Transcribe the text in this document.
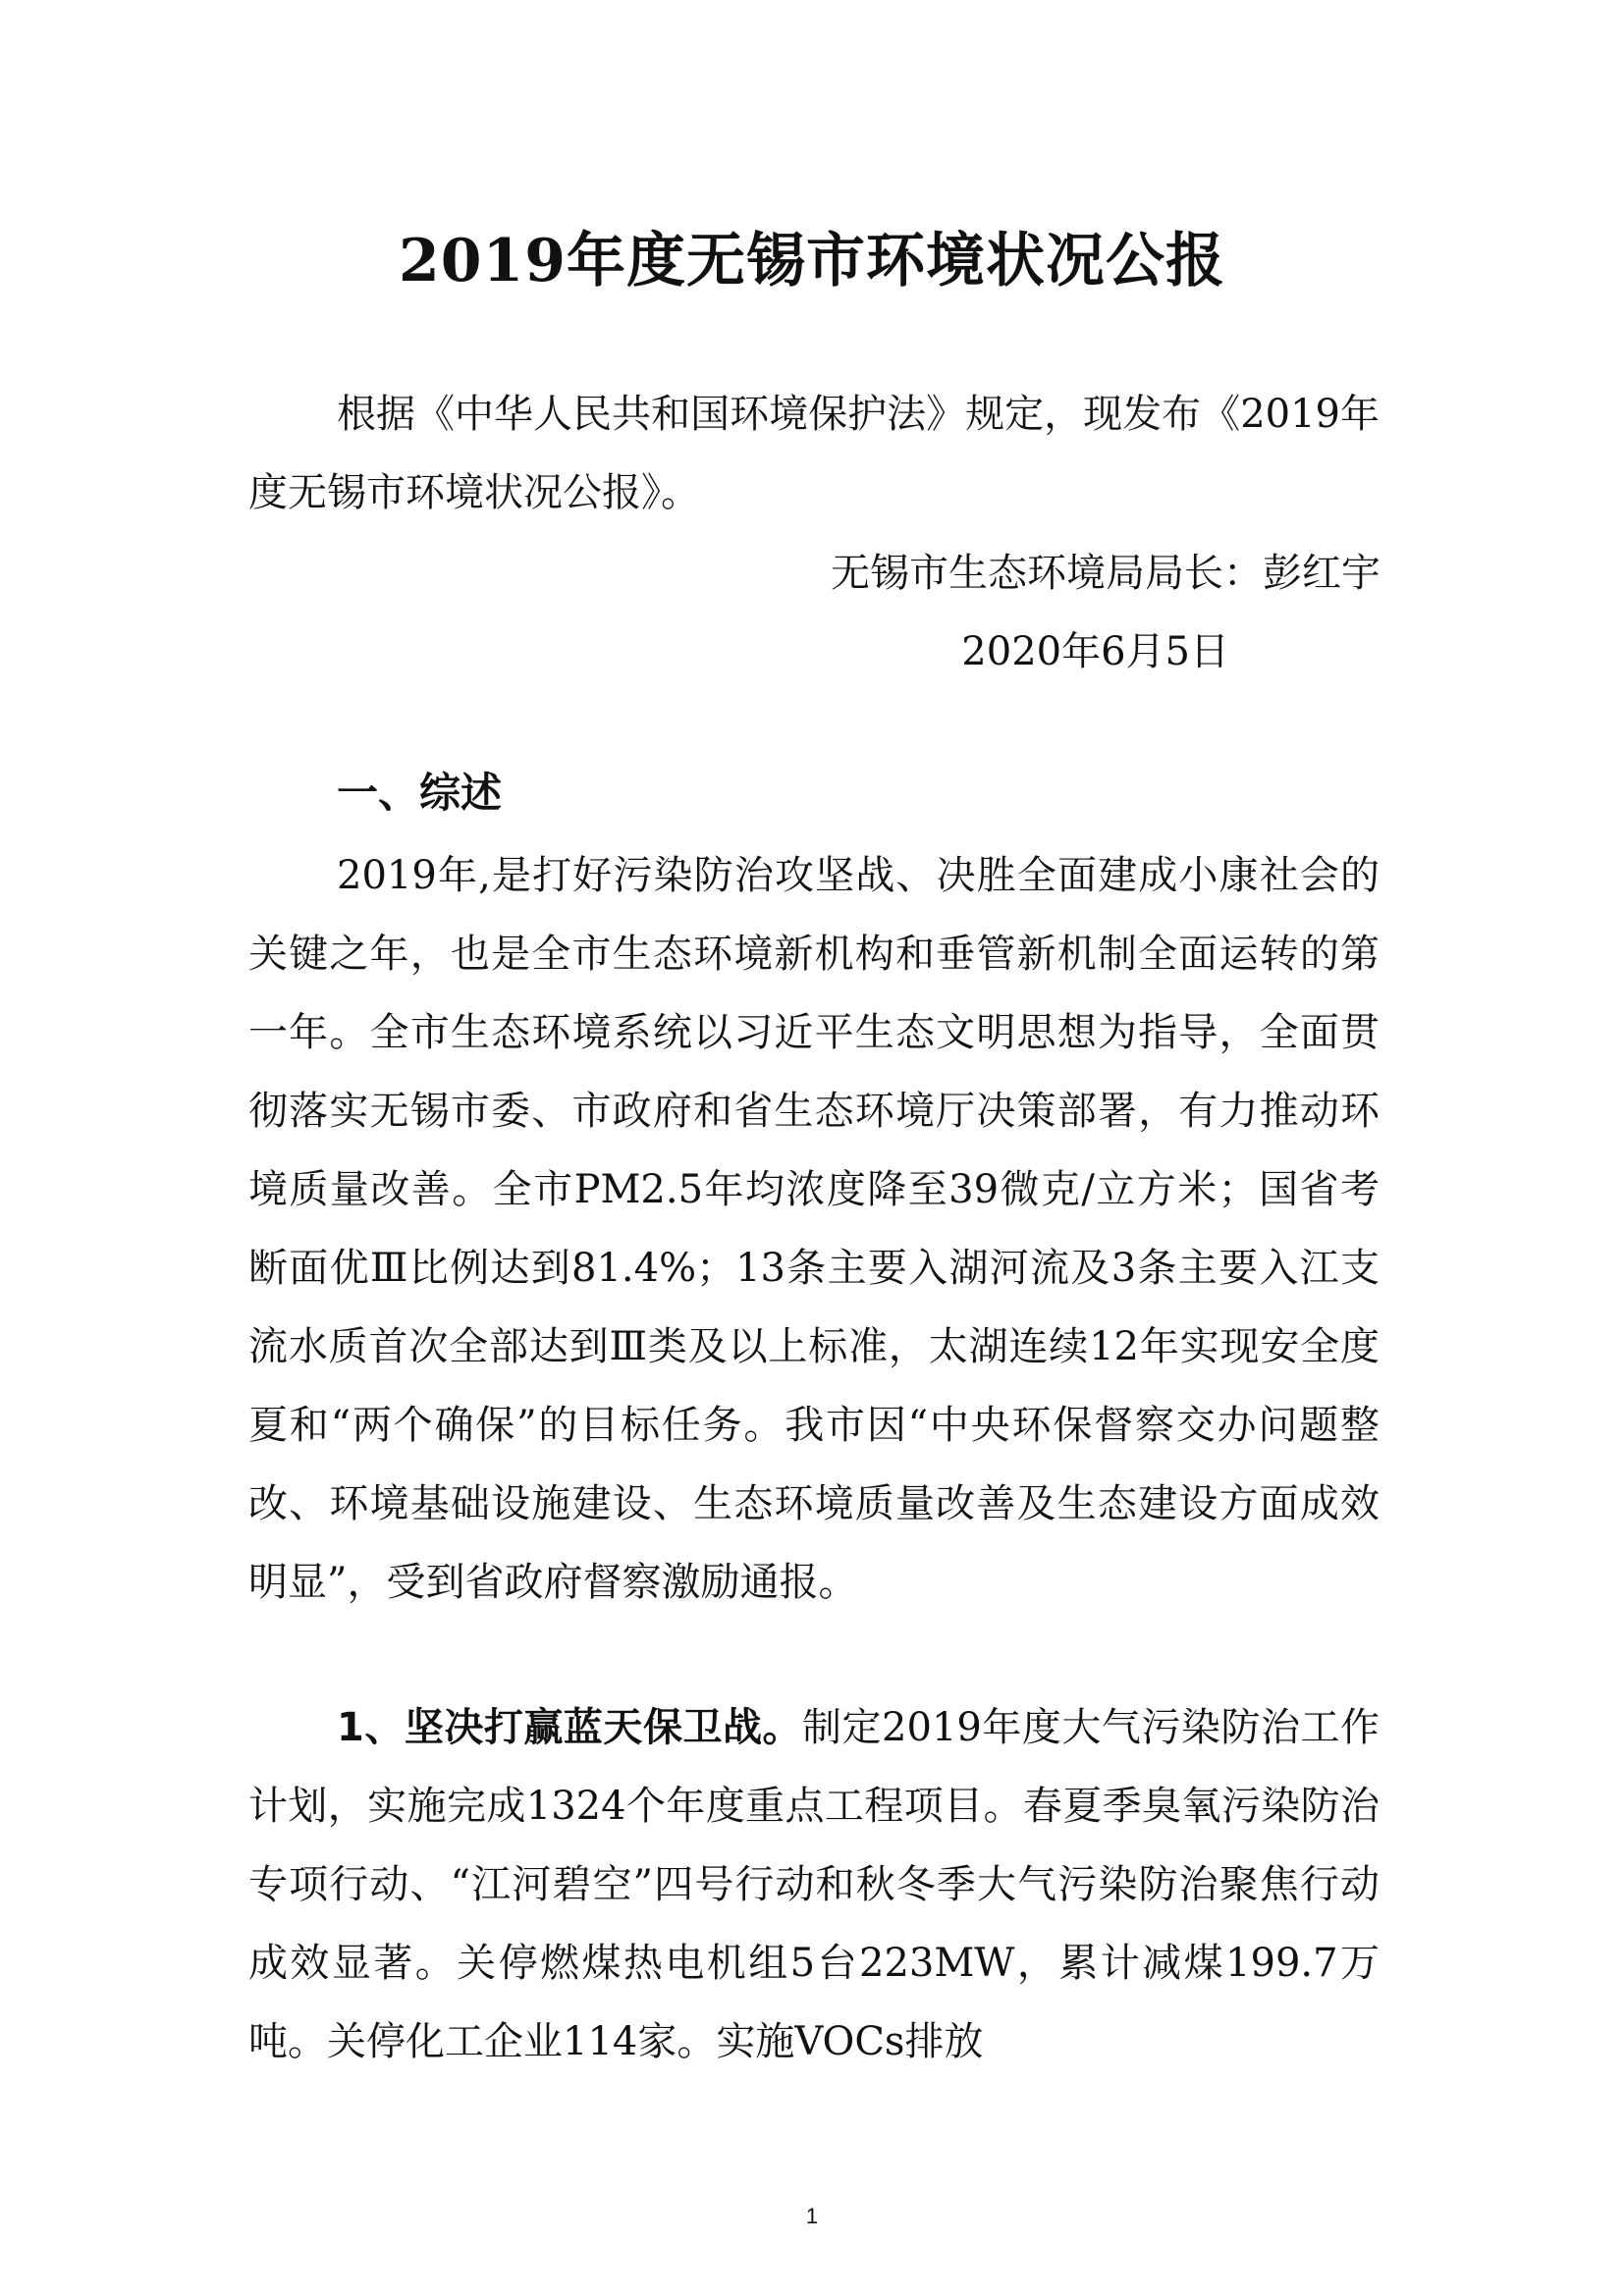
2019年度无锡市环境状况公报
根据《中华人民共和国环境保护法》规定，现发布《2019年度无锡市环境状况公报》。
无锡市生态环境局局长：彭红宇
2020年6月5日
一、综述
2019年,是打好污染防治攻坚战、决胜全面建成小康社会的关键之年，也是全市生态环境新机构和垂管新机制全面运转的第一年。全市生态环境系统以习近平生态文明思想为指导，全面贯彻落实无锡市委、市政府和省生态环境厅决策部署，有力推动环境质量改善。全市PM2.5年均浓度降至39微克/立方米；国省考断面优Ⅲ比例达到81.4%；13条主要入湖河流及3条主要入江支流水质首次全部达到Ⅲ类及以上标准，太湖连续12年实现安全度夏和“两个确保”的目标任务。我市因“中央环保督察交办问题整改、环境基础设施建设、生态环境质量改善及生态建设方面成效明显”，受到省政府督察激励通报。
1、坚决打赢蓝天保卫战。制定2019年度大气污染防治工作计划，实施完成1324个年度重点工程项目。春夏季臭氧污染防治专项行动、“江河碧空”四号行动和秋冬季大气污染防治聚焦行动成效显著。关停燃煤热电机组5台223MW，累计减煤199.7万吨。关停化工企业114家。实施VOCs排放
1
